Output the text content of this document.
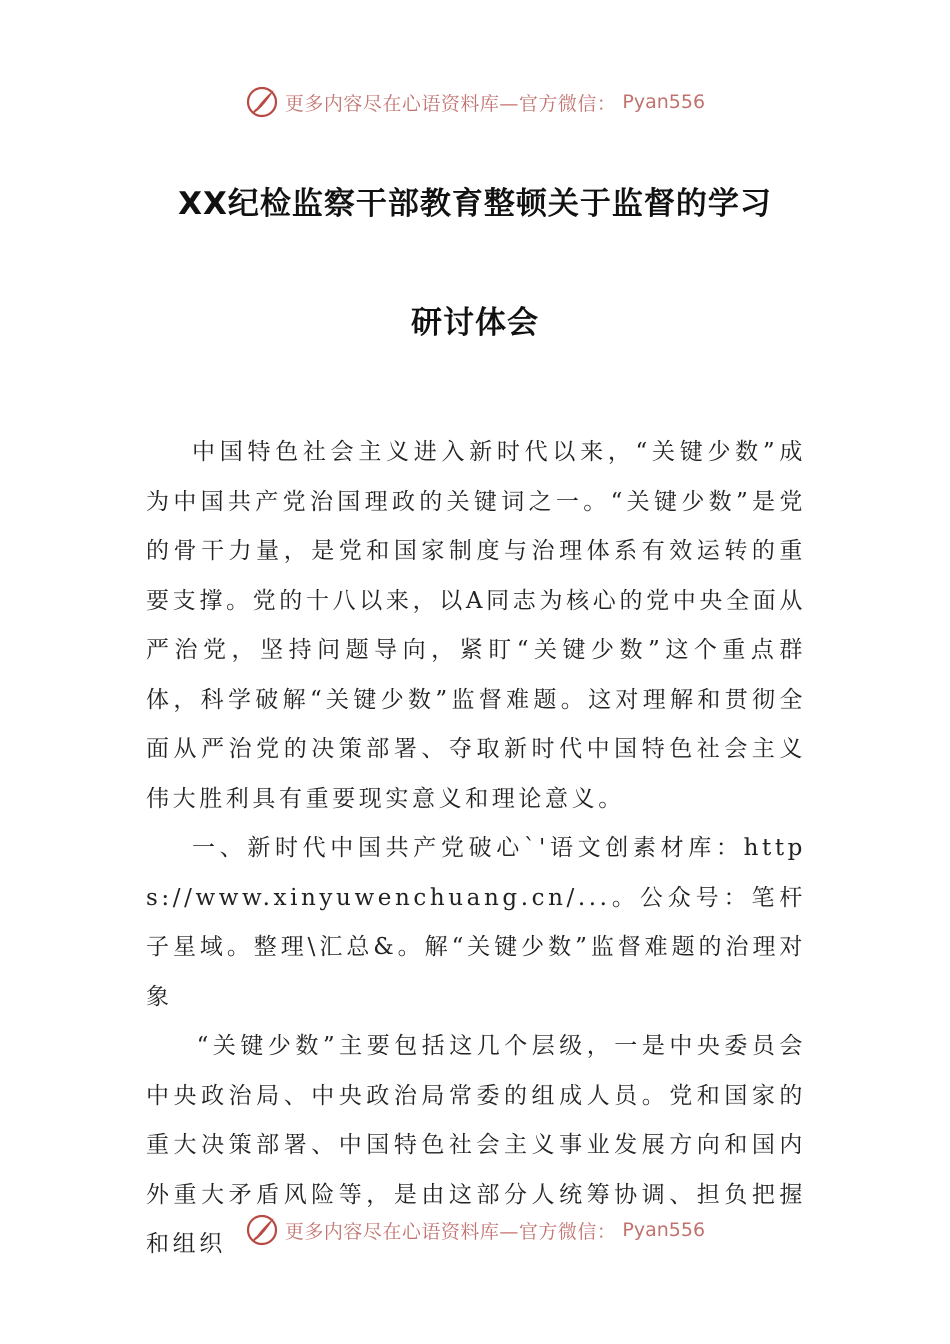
更多内容尽在心语资料库—官方微信： Pyan556
XX纪检监察干部教育整顿关于监督的学习
研讨体会

中国特色社会主义进入新时代以来，“关键少数”成为中国共产党治国理政的关键词之一。“关键少数”是党的骨干力量，是党和国家制度与治理体系有效运转的重要支撑。党的十八以来，以A同志为核心的党中央全面从严治党，坚持问题导向，紧盯“关键少数”这个重点群体，科学破解“关键少数”监督难题。这对理解和贯彻全面从严治党的决策部署、夺取新时代中国特色社会主义伟大胜利具有重要现实意义和理论意义。

一、新时代中国共产党破心`'语文创素材库：https://www.xinyuwenchuang.cn/...。公众号：笔杆子星域。整理\汇总&。解“关键少数”监督难题的治理对象

“关键少数”主要包括这几个层级，一是中央委员会中央政治局、中央政治局常委的组成人员。党和国家的重大决策部署、中国特色社会主义事业发展方向和国内外重大矛盾风险等，是由这部分人统筹协调、担负把握和组织	更多内容尽在心语资料库—官方微信： Pyan556
